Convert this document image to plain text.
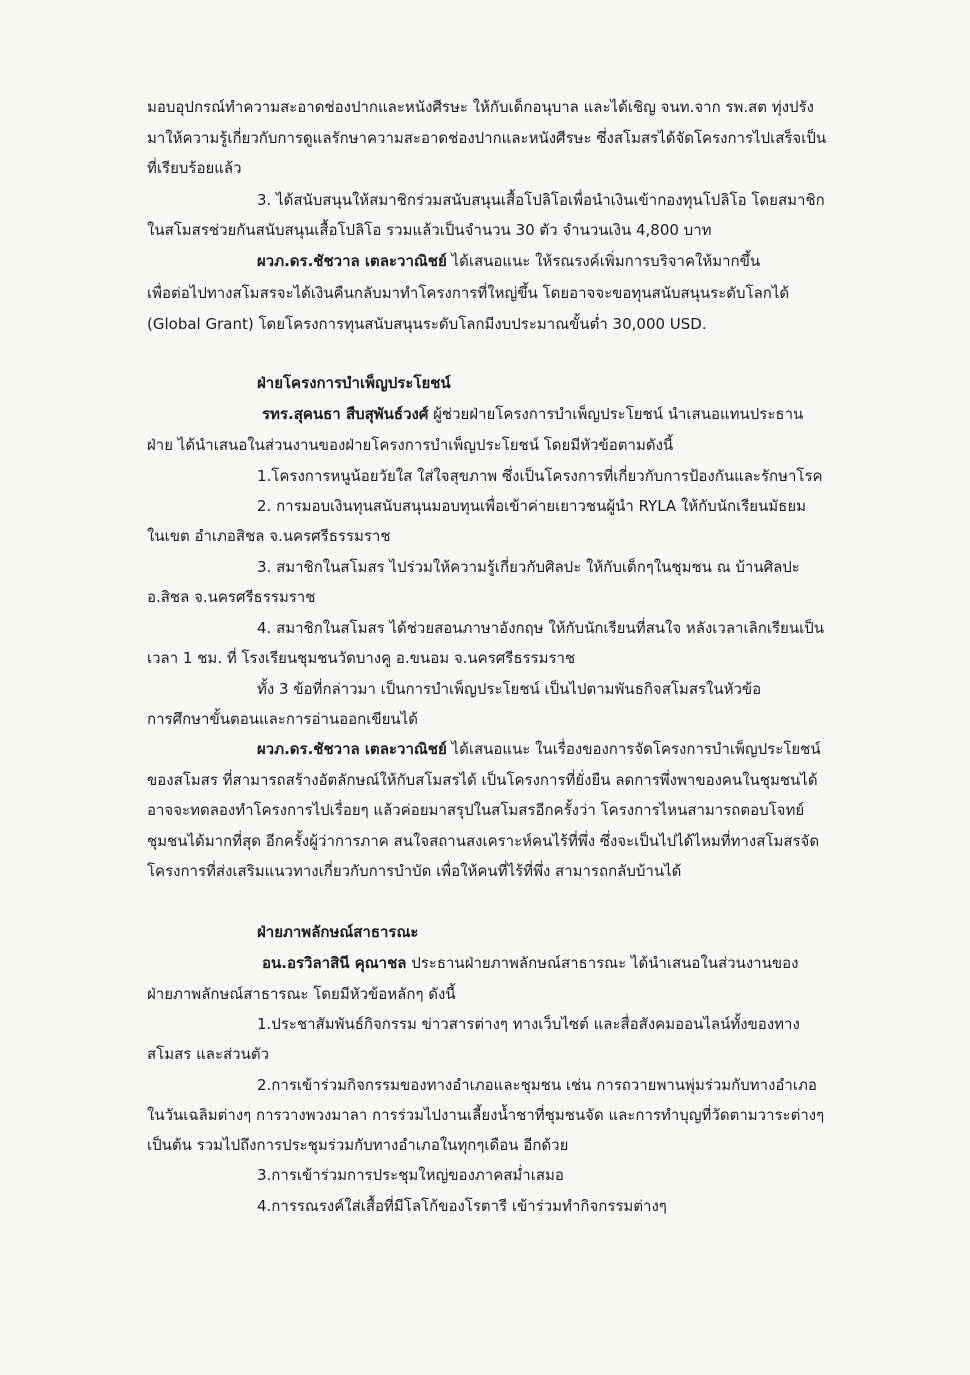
มอบอุปกรณ์ทำความสะอาดช่องปากและหนังศีรษะ ให้กับเด็กอนุบาล และได้เชิญ จนท.จาก รพ.สต ทุ่งปรัง
มาให้ความรู้เกี่ยวกับการดูแลรักษาความสะอาดช่องปากและหนังศีรษะ ซึ่งสโมสรได้จัดโครงการไปเสร็จเป็น
ที่เรียบร้อยแล้ว
3. ได้สนับสนุนให้สมาชิกร่วมสนับสนุนเสื้อโปลิโอเพื่อนำเงินเข้ากองทุนโปลิโอ โดยสมาชิก
ในสโมสรช่วยกันสนับสนุนเสื้อโปลิโอ รวมแล้วเป็นจำนวน 30 ตัว จำนวนเงิน 4,800 บาท
ผวภ.ดร.ชัชวาล เตละวาณิชย์ ได้เสนอแนะ ให้รณรงค์เพิ่มการบริจาคให้มากขึ้น
เพื่อต่อไปทางสโมสรจะได้เงินคืนกลับมาทำโครงการที่ใหญ่ขึ้น โดยอาจจะขอทุนสนับสนุนระดับโลกได้
(Global Grant) โดยโครงการทุนสนับสนุนระดับโลกมีงบประมาณขั้นต่ำ 30,000 USD.
ฝ่ายโครงการบำเพ็ญประโยชน์
รทร.สุคนธา สืบสุพันธ์วงศ์ ผู้ช่วยฝ่ายโครงการบำเพ็ญประโยชน์ นำเสนอแทนประธาน
ฝ่าย ได้นำเสนอในส่วนงานของฝ่ายโครงการบำเพ็ญประโยชน์ โดยมีหัวข้อตามดังนี้
1.โครงการหนูน้อยวัยใส ใส่ใจสุขภาพ ซึ่งเป็นโครงการที่เกี่ยวกับการป้องกันและรักษาโรค
2. การมอบเงินทุนสนับสนุนมอบทุนเพื่อเข้าค่ายเยาวชนผู้นำ RYLA ให้กับนักเรียนมัธยม
ในเขต อำเภอสิชล จ.นครศรีธรรมราช
3. สมาชิกในสโมสร ไปร่วมให้ความรู้เกี่ยวกับศิลปะ ให้กับเด็กๆในชุมชน ณ บ้านศิลปะ
อ.สิชล จ.นครศรีธรรมราช
4. สมาชิกในสโมสร ได้ช่วยสอนภาษาอังกฤษ ให้กับนักเรียนที่สนใจ หลังเวลาเลิกเรียนเป็น
เวลา 1 ชม. ที่ โรงเรียนชุมชนวัดบางคู อ.ขนอม จ.นครศรีธรรมราช
ทั้ง 3 ข้อที่กล่าวมา เป็นการบำเพ็ญประโยชน์ เป็นไปตามพันธกิจสโมสรในหัวข้อ
การศึกษาขั้นตอนและการอ่านออกเขียนได้
ผวภ.ดร.ชัชวาล เตละวาณิชย์ ได้เสนอแนะ ในเรื่องของการจัดโครงการบำเพ็ญประโยชน์
ของสโมสร ที่สามารถสร้างอัตลักษณ์ให้กับสโมสรได้ เป็นโครงการที่ยั่งยืน ลดการพึ่งพาของคนในชุมชนได้
อาจจะทดลองทำโครงการไปเรื่อยๆ แล้วค่อยมาสรุปในสโมสรอีกครั้งว่า โครงการไหนสามารถตอบโจทย์
ชุมชนได้มากที่สุด อีกครั้งผู้ว่าการภาค สนใจสถานสงเคราะห์คนไร้ที่พึ่ง ซึ่งจะเป็นไปได้ไหมที่ทางสโมสรจัด
โครงการที่ส่งเสริมแนวทางเกี่ยวกับการบำบัด เพื่อให้คนที่ไร้ที่พึ่ง สามารถกลับบ้านได้
ฝ่ายภาพลักษณ์สาธารณะ
อน.อรวิลาสินี คุณาชล ประธานฝ่ายภาพลักษณ์สาธารณะ ได้นำเสนอในส่วนงานของ
ฝ่ายภาพลักษณ์สาธารณะ โดยมีหัวข้อหลักๆ ดังนี้
1.ประชาสัมพันธ์กิจกรรม ข่าวสารต่างๆ ทางเว็บไซต์ และสื่อสังคมออนไลน์ทั้งของทาง
สโมสร และส่วนตัว
2.การเข้าร่วมกิจกรรมของทางอำเภอและชุมชน เช่น การถวายพานพุ่มร่วมกับทางอำเภอ
ในวันเฉลิมต่างๆ การวางพวงมาลา การร่วมไปงานเลี้ยงน้ำชาที่ชุมชนจัด และการทำบุญที่วัดตามวาระต่างๆ
เป็นต้น รวมไปถึงการประชุมร่วมกับทางอำเภอในทุกๆเดือน อีกด้วย
3.การเข้าร่วมการประชุมใหญ่ของภาคสม่ำเสมอ
4.การรณรงค์ใส่เสื้อที่มีโลโก้ของโรตารี เข้าร่วมทำกิจกรรมต่างๆ
